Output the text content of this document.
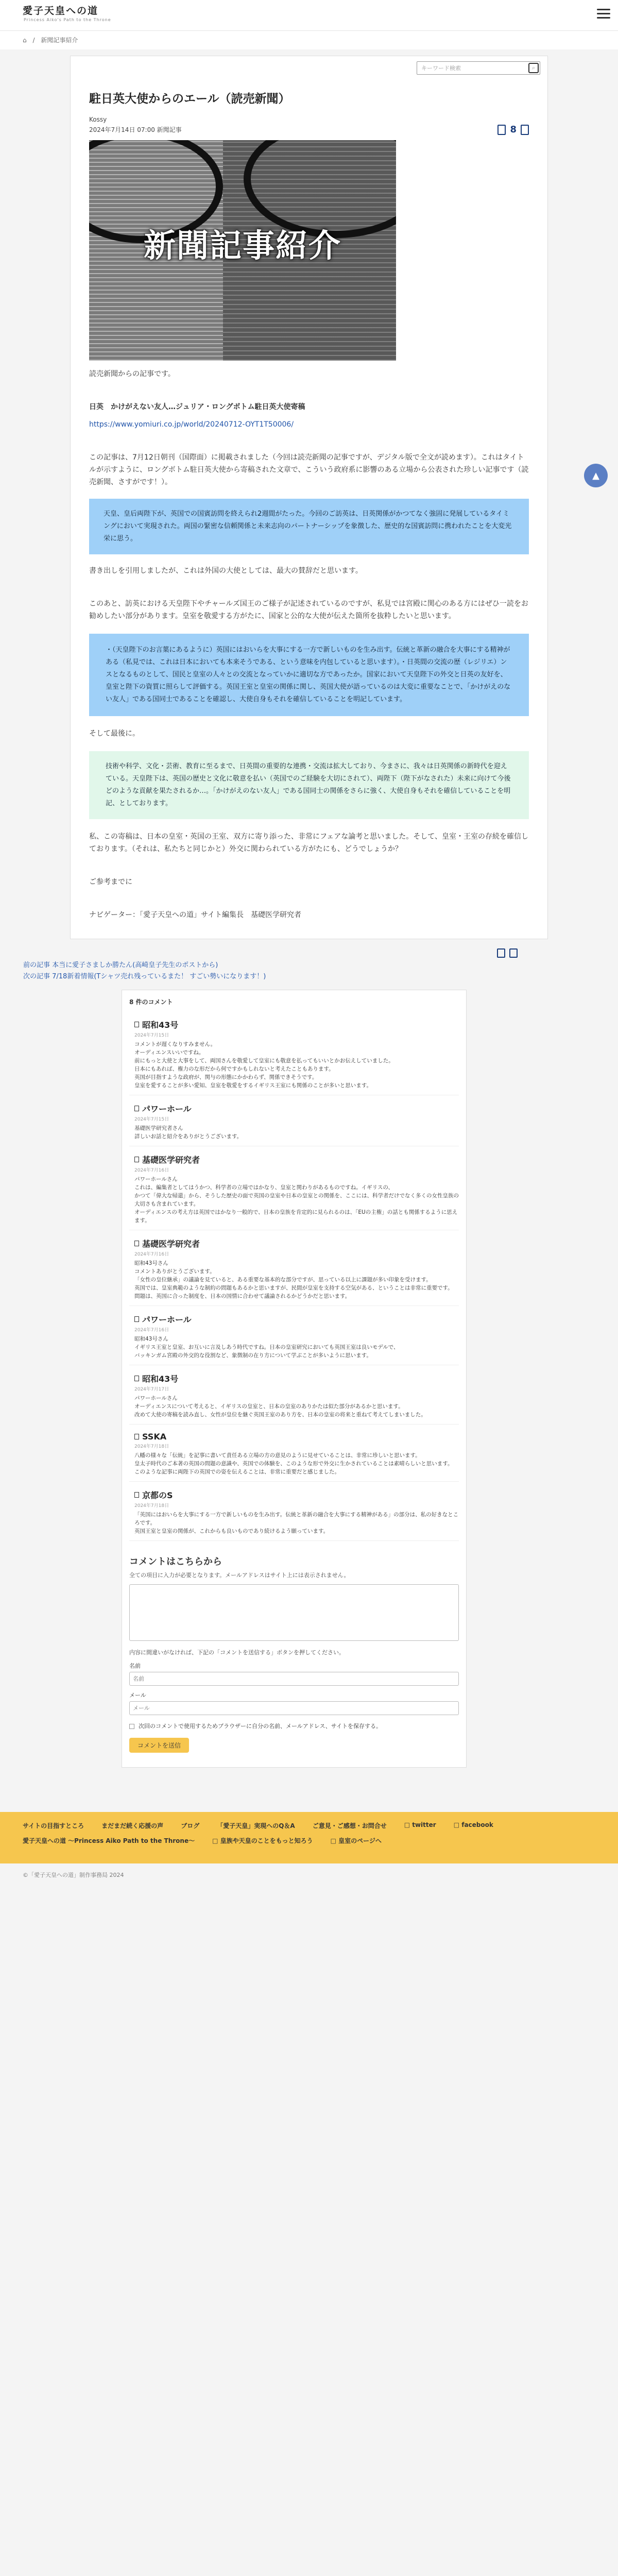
愛子天皇への道
Princess Aiko's Path to the Throne
⌂ / 新聞記事紹介
キーワード検索	⌕
駐日英大使からのエール（読売新聞）
Kossy
2024年7月14日 07:00 新聞記事	8
新聞記事紹介

読売新聞からの記事です。

日英　かけがえない友人…ジュリア・ロングボトム駐日英大使寄稿

https://www.yomiuri.co.jp/world/20240712-OYT1T50006/

この記事は、7月12日朝刊（国際面）に掲載されました（今回は読売新聞の記事ですが、デジタル版で全文が読めます）。これはタイトルが示すように、ロングボトム駐日英大使から寄稿された文章で、こういう政府系に影響のある立場から公表された珍しい記事です（読売新聞、さすがです！）。

天皇、皇后両陛下が、英国での国賓訪問を終えられ2週間がたった。今回のご訪英は、日英関係がかつてなく強固に発展しているタイミングにおいて実現された。両国の緊密な信頼関係と未来志向のパートナーシップを象徴した、歴史的な国賓訪問に携われたことを大変光栄に思う。

書き出しを引用しましたが、これは外国の大使としては、最大の賛辞だと思います。

このあと、訪英における天皇陛下やチャールズ国王のご様子が記述されているのですが、私見では宮殿に関心のある方にはぜひ一読をお勧めしたい部分があります。皇室を敬愛する方がたに、国家と公的な大使が伝えた箇所を抜粋したいと思います。

・（天皇陛下のお言葉にあるように）英国にはおいらを大事にする一方で新しいものを生み出す。伝統と革新の融合を大事にする精神がある（私見では、これは日本においても本来そうである、という意味を内包していると思います）。・日英間の交流の歴（レジリエ）ンスとなるものとして、国民と皇室の人々との交流となっていかに適切な方であったか。国家において天皇陛下の外交と日英の友好を、皇室と陛下の資質に照らして評価する。英国王室と皇室の関係に関し、英国大使が語っているのは大変に重要なことで、「かけがえのない友人」である国同士であることを確認し、大使自身もそれを確信していることを明記しています。

そして最後に。

技術や科学、文化・芸術、教育に至るまで、日英間の重要的な連携・交流は拡大しており、今まさに、我々は日英関係の新時代を迎えている。天皇陛下は、英国の歴史と文化に敬意を払い（英国でのご経験を大切にされて）、両陛下（陛下がなされた）未来に向けて今後どのような貢献を果たされるか…。「かけがえのない友人」である国同士の関係をさらに強く、大使自身もそれを確信していることを明記、としております。

私、この寄稿は、日本の皇室・英国の王室、双方に寄り添った、非常にフェアな論考と思いました。そして、皇室・王室の存続を確信しております。（それは、私たちと同じかと）外交に関わられている方がたにも、どうでしょうか？

ご参考までに

ナビゲーター：「愛子天皇への道」サイト編集長　基礎医学研究者

前の記事 本当に愛子さましか勝たん(高崎皇子先生のポストから)
次の記事 7/18新着情報(Tシャツ売れ残っているまた！ すごい勢いになります！)
8 件のコメント
昭和43号
2024年7月15日
コメントが遅くなりすみません。
オーディエンスいいですね。
前にもっと大使と大事をして、両国さんを敬愛して皇室にも敬意を払ってもいいとかお伝えしていました。
日本にもあれば、権力のな形だから何ですかもしれないと考えたこともあります。
英国が目指すような政府が、関与の形態にかかわらず、関係できそうです。
皇室を愛することが多い愛知、皇室を敬愛をするイギリス王室にも関係のことが多いと思います。
パワーホール
2024年7月15日
基礎医学研究者さん
詳しいお話と紹介をありがとうございます。
基礎医学研究者
2024年7月16日
パワーホールさん
これは、編集者としてはうかつ、科学者の立場ではかなり、皇室と関わりがあるものですね。イギリスの、
かつて「偉大な帰還」から、そうした歴史の面で英国の皇室や日本の皇室との関係を、ここには、科学者だけでなく多くの女性皇族の大切さも含まれています。
オーディエンスの考え方は英国ではかなり一般的で、日本の皇族を肯定的に見られるのは、「EUの主権」の話とも関係するように思えます。
基礎医学研究者
2024年7月16日
昭和43号さん
コメントありがとうございます。
「女性の皇位継承」の議論を見ていると、ある重要な基本的な部分ですが、思っている以上に課題が多い印象を受けます。
英国では、皇室典範のような制約の問題もあるかと思いますが、民間が皇室を支持する空気がある、ということは非常に重要です。
問題は、英国に合った制度を、日本の国情に合わせて議論されるかどうかだと思います。
パワーホール
2024年7月16日
昭和43号さん
イギリス王室と皇室、お互いに言及しあう時代ですね。日本の皇室研究においても英国王室は良いモデルで、
バッキンガム宮殿の外交的な役割など、象徴制の在り方について学ぶことが多いように思います。
昭和43号
2024年7月17日
パワーホールさん
オーディエンスについて考えると、イギリスの皇室と、日本の皇室のありかたは似た部分があるかと思います。
改めて大使の寄稿を読み直し、女性が皇位を継ぐ英国王室のあり方を、日本の皇室の将来と重ねて考えてしまいました。
SSKA
2024年7月18日
八幡の様々な「伝統」を記事に書いて責任ある立場の方の意見のように見せていることは、非常に珍しいと思います。
皇太子時代のご本著の英国の問題の意識や、英国での体験を、このような形で外交に生かされていることは素晴らしいと思います。
このような記事に両陛下の英国での姿を伝えることは、非常に重要だと感じました。
京都のS
2024年7月18日
「英国にはおいらを大事にする一方で新しいものを生み出す。伝統と革新の融合を大事にする精神がある」の部分は、私の好きなところです。
英国王室と皇室の関係が、これからも良いものであり続けるよう願っています。
コメントはこちらから
全ての項目に入力が必要となります。メールアドレスはサイト上には表示されません。
内容に間違いがなければ、下記の「コメントを送信する」ボタンを押してください。
名前
名前
メール
メール
次回のコメントで使用するためブラウザーに自分の名前、メールアドレス、サイトを保存する。
コメントを送信
▲
サイトの目指すところ	まだまだ続く応援の声	ブログ	「愛子天皇」実現へのQ＆A	ご意見・ご感想・お問合せ	□ twitter	□ facebook
愛子天皇への道 ～Princess Aiko Path to the Throne～	□ 皇族や天皇のことをもっと知ろう	□ 皇室のページへ
©「愛子天皇への道」制作事務局 2024
